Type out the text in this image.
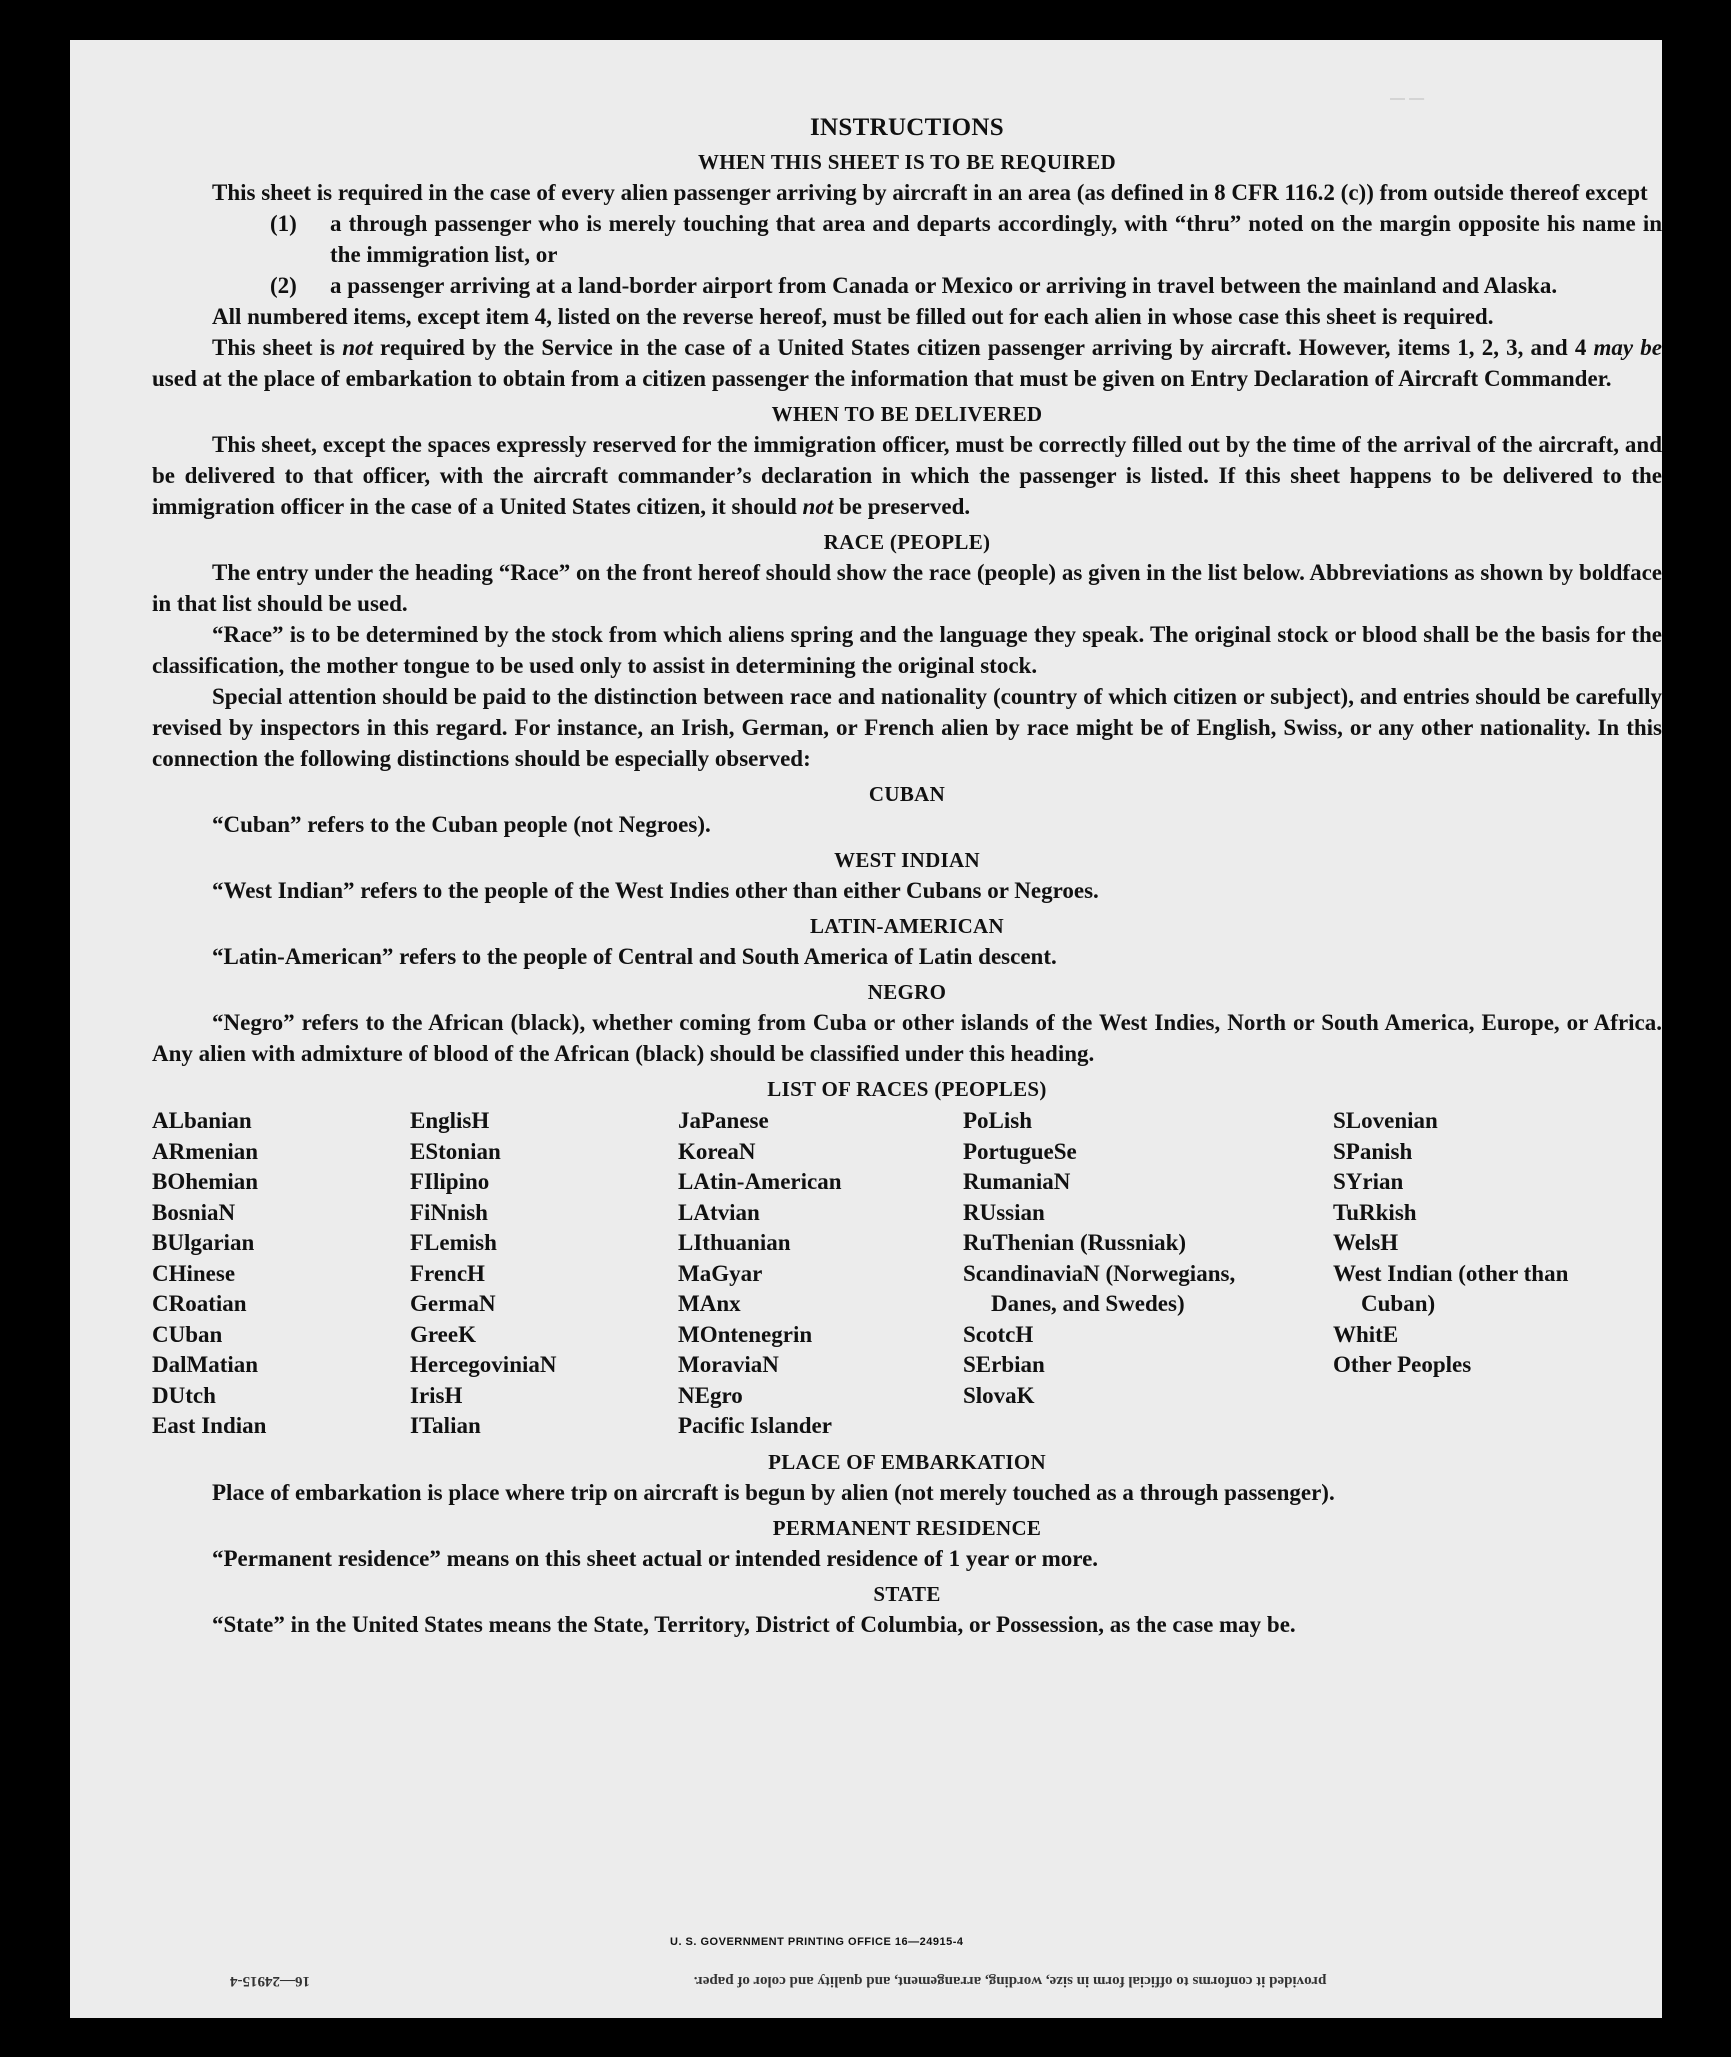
— —
INSTRUCTIONS
WHEN THIS SHEET IS TO BE REQUIRED

This sheet is required in the case of every alien passenger arriving by aircraft in an area (as defined in 8 CFR 116.2 (c)) from outside thereof except

(1)	a through passenger who is merely touching that area and departs accordingly, with “thru” noted on the margin opposite his name in the immigration list, or
(2)	a passenger arriving at a land-border airport from Canada or Mexico or arriving in travel between the mainland and Alaska.

All numbered items, except item 4, listed on the reverse hereof, must be filled out for each alien in whose case this sheet is required.

This sheet is not required by the Service in the case of a United States citizen passenger arriving by aircraft. However, items 1, 2, 3, and 4 may be used at the place of embarkation to obtain from a citizen passenger the information that must be given on Entry Declaration of Aircraft Commander.

WHEN TO BE DELIVERED

This sheet, except the spaces expressly reserved for the immigration officer, must be correctly filled out by the time of the arrival of the aircraft, and be delivered to that officer, with the aircraft commander’s declaration in which the passenger is listed. If this sheet happens to be delivered to the immigration officer in the case of a United States citizen, it should not be preserved.

RACE (PEOPLE)

The entry under the heading “Race” on the front hereof should show the race (people) as given in the list below. Abbreviations as shown by boldface in that list should be used.

“Race” is to be determined by the stock from which aliens spring and the language they speak. The original stock or blood shall be the basis for the classification, the mother tongue to be used only to assist in determining the original stock.

Special attention should be paid to the distinction between race and nationality (country of which citizen or subject), and entries should be carefully revised by inspectors in this regard. For instance, an Irish, German, or French alien by race might be of English, Swiss, or any other nationality. In this connection the following distinctions should be especially observed:

CUBAN

“Cuban” refers to the Cuban people (not Negroes).

WEST INDIAN

“West Indian” refers to the people of the West Indies other than either Cubans or Negroes.

LATIN-AMERICAN

“Latin-American” refers to the people of Central and South America of Latin descent.

NEGRO

“Negro” refers to the African (black), whether coming from Cuba or other islands of the West Indies, North or South America, Europe, or Africa. Any alien with admixture of blood of the African (black) should be classified under this heading.

LIST OF RACES (PEOPLES)
ALbanian
ARmenian
BOhemian
BosniaN
BUlgarian
CHinese
CRoatian
CUban
DalMatian
DUtch
East Indian
EnglisH
EStonian
FIlipino
FiNnish
FLemish
FrencH
GermaN
GreeK
HercegoviniaN
IrisH
ITalian
JaPanese
KoreaN
LAtin-American
LAtvian
LIthuanian
MaGyar
MAnx
MOntenegrin
MoraviaN
NEgro
Pacific Islander
PoLish
PortugueSe
RumaniaN
RUssian
RuThenian (Russniak)
ScandinaviaN (Norwegians, Danes, and Swedes)
ScotcH
SErbian
SlovaK
SLovenian
SPanish
SYrian
TuRkish
WelsH
West Indian (other than Cuban)
WhitE
Other Peoples
PLACE OF EMBARKATION

Place of embarkation is place where trip on aircraft is begun by alien (not merely touched as a through passenger).

PERMANENT RESIDENCE

“Permanent residence” means on this sheet actual or intended residence of 1 year or more.

STATE

“State” in the United States means the State, Territory, District of Columbia, or Possession, as the case may be.

U. S. GOVERNMENT PRINTING OFFICE 16—24915-4
provided it conforms to official form in size, wording, arrangement, and quality and color of paper. 16—24915-4
